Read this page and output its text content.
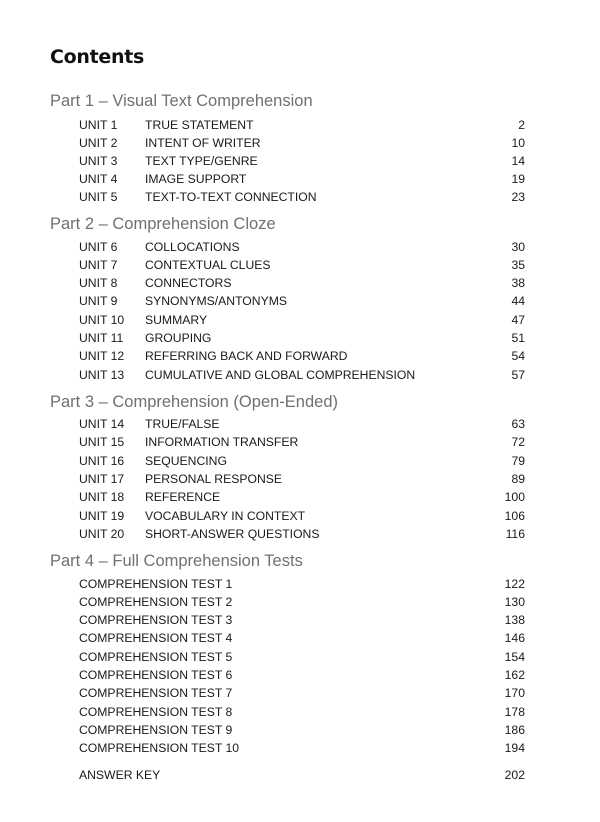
Contents
Part 1 – Visual Text Comprehension
UNIT 1 TRUE STATEMENT	2
UNIT 2 INTENT OF WRITER	10
UNIT 3 TEXT TYPE/GENRE	14
UNIT 4 IMAGE SUPPORT	19
UNIT 5 TEXT-TO-TEXT CONNECTION	23
Part 2 – Comprehension Cloze
UNIT 6 COLLOCATIONS	30
UNIT 7 CONTEXTUAL CLUES	35
UNIT 8 CONNECTORS	38
UNIT 9 SYNONYMS/ANTONYMS	44
UNIT 10 SUMMARY	47
UNIT 11 GROUPING	51
UNIT 12 REFERRING BACK AND FORWARD	54
UNIT 13 CUMULATIVE AND GLOBAL COMPREHENSION	57
Part 3 – Comprehension (Open-Ended)
UNIT 14 TRUE/FALSE	63
UNIT 15 INFORMATION TRANSFER	72
UNIT 16 SEQUENCING	79
UNIT 17 PERSONAL RESPONSE	89
UNIT 18 REFERENCE	100
UNIT 19 VOCABULARY IN CONTEXT	106
UNIT 20 SHORT-ANSWER QUESTIONS	116
Part 4 – Full Comprehension Tests
COMPREHENSION TEST 1	122
COMPREHENSION TEST 2	130
COMPREHENSION TEST 3	138
COMPREHENSION TEST 4	146
COMPREHENSION TEST 5	154
COMPREHENSION TEST 6	162
COMPREHENSION TEST 7	170
COMPREHENSION TEST 8	178
COMPREHENSION TEST 9	186
COMPREHENSION TEST 10	194
ANSWER KEY	202
